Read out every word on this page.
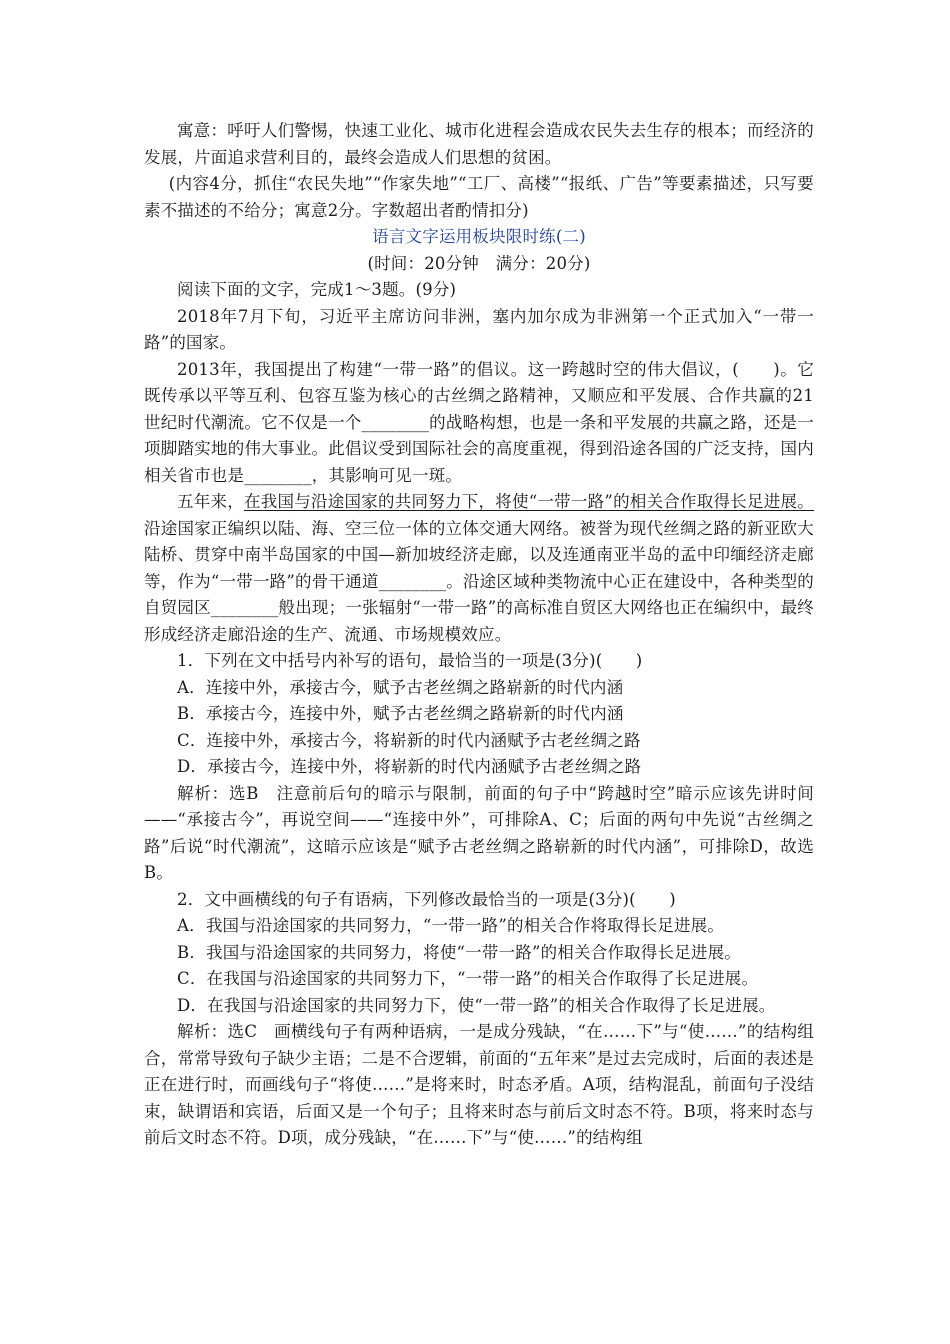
寓意：呼吁人们警惕，快速工业化、城市化进程会造成农民失去生存的根本；而经济的发展，片面追求营利目的，最终会造成人们思想的贫困。

(内容4分，抓住“农民失地”“作家失地”“工厂、高楼”“报纸、广告”等要素描述，只写要素不描述的不给分；寓意2分。字数超出者酌情扣分)

语言文字运用板块限时练(二)

(时间：20分钟　满分：20分)

阅读下面的文字，完成1～3题。(9分)

2018年7月下旬，习近平主席访问非洲，塞内加尔成为非洲第一个正式加入“一带一路”的国家。

2013年，我国提出了构建“一带一路”的倡议。这一跨越时空的伟大倡议，(　　)。它既传承以平等互利、包容互鉴为核心的古丝绸之路精神，又顺应和平发展、合作共赢的21世纪时代潮流。它不仅是一个________的战略构想，也是一条和平发展的共赢之路，还是一项脚踏实地的伟大事业。此倡议受到国际社会的高度重视，得到沿途各国的广泛支持，国内相关省市也是________，其影响可见一斑。

五年来，在我国与沿途国家的共同努力下，将使“一带一路”的相关合作取得长足进展。沿途国家正编织以陆、海、空三位一体的立体交通大网络。被誉为现代丝绸之路的新亚欧大陆桥、贯穿中南半岛国家的中国—新加坡经济走廊，以及连通南亚半岛的孟中印缅经济走廊等，作为“一带一路”的骨干通道________。沿途区域种类物流中心正在建设中，各种类型的自贸园区________般出现；一张辐射“一带一路”的高标准自贸区大网络也正在编织中，最终形成经济走廊沿途的生产、流通、市场规模效应。

1．下列在文中括号内补写的语句，最恰当的一项是(3分)(　　)

A．连接中外，承接古今，赋予古老丝绸之路崭新的时代内涵

B．承接古今，连接中外，赋予古老丝绸之路崭新的时代内涵

C．连接中外，承接古今，将崭新的时代内涵赋予古老丝绸之路

D．承接古今，连接中外，将崭新的时代内涵赋予古老丝绸之路

解析：选B　注意前后句的暗示与限制，前面的句子中“跨越时空”暗示应该先讲时间——“承接古今”，再说空间——“连接中外”，可排除A、C；后面的两句中先说“古丝绸之路”后说“时代潮流”，这暗示应该是“赋予古老丝绸之路崭新的时代内涵”，可排除D，故选B。

2．文中画横线的句子有语病，下列修改最恰当的一项是(3分)(　　)

A．我国与沿途国家的共同努力，“一带一路”的相关合作将取得长足进展。

B．我国与沿途国家的共同努力，将使“一带一路”的相关合作取得长足进展。

C．在我国与沿途国家的共同努力下，“一带一路”的相关合作取得了长足进展。

D．在我国与沿途国家的共同努力下，使“一带一路”的相关合作取得了长足进展。

解析：选C　画横线句子有两种语病，一是成分残缺，“在……下”与“使……”的结构组合，常常导致句子缺少主语；二是不合逻辑，前面的“五年来”是过去完成时，后面的表述是正在进行时，而画线句子“将使……”是将来时，时态矛盾。A项，结构混乱，前面句子没结束，缺谓语和宾语，后面又是一个句子；且将来时态与前后文时态不符。B项，将来时态与前后文时态不符。D项，成分残缺，“在……下”与“使……”的结构组
